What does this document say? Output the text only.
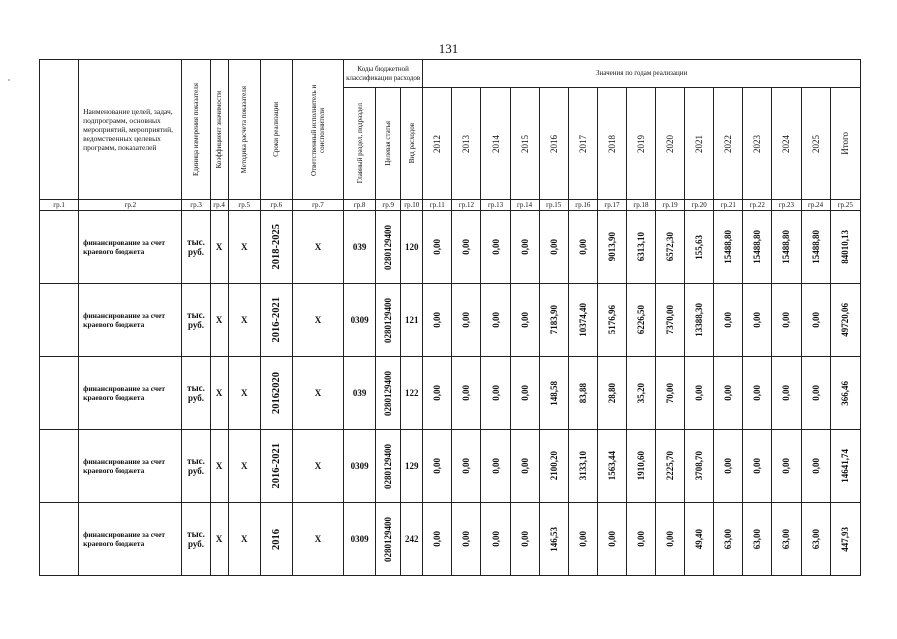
131
	Наименование целей, задач, подпрограмм, основных мероприятий, мероприятий, ведомственных целевых программ, показателей	Единица измерения показателя	Коэффициент значимости	Методика расчета показателя	Сроки реализации	Ответственный исполнитель и соисполнители	Коды бюджетной классификации расходов			Значения по годам реализации														

							Главный раздел, подраздел	Целевая статья	Вид расходов	2012	2013	2014	2015	2016	2017	2018	2019	2020	2021	2022	2023	2024	2025	Итого

гр.1	гр.2	гр.3	гр.4	гр.5	гр.6	гр.7	гр.8	гр.9	гр.10	гр.11	гр.12	гр.13	гр.14	гр.15	гр.16	гр.17	гр.18	гр.19	гр.20	гр.21	гр.22	гр.23	гр.24	гр.25
	финансирование за счет краевого бюджета	тыс. руб.	Х	Х	2018-2025	Х	039	0280129400	120	0,00	0,00	0,00	0,00	0,00	0,00	9013,90	6313,10	6572,30	155,63	15488,80	15488,80	15488,80	15488,80	84010,13

	финансирование за счет краевого бюджета	тыс. руб.	Х	Х	2016-2021	Х	0309	0280129400	121	0,00	0,00	0,00	0,00	7183,90	10374,40	5176,96	6226,50	7370,00	13388,30	0,00	0,00	0,00	0,00	49720,06

	финансирование за счет краевого бюджета	тыс. руб.	Х	Х	20162020	Х	039	0280129400	122	0,00	0,00	0,00	0,00	148,58	83,88	28,80	35,20	70,00	0,00	0,00	0,00	0,00	0,00	366,46

	финансирование за счет краевого бюджета	тыс. руб.	Х	Х	2016-2021	Х	0309	0280129400	129	0,00	0,00	0,00	0,00	2100,20	3133,10	1563,44	1910,60	2225,70	3708,70	0,00	0,00	0,00	0,00	14641,74

	финансирование за счет краевого бюджета	тыс. руб.	Х	Х	2016	Х	0309	0280129400	242	0,00	0,00	0,00	0,00	146,53	0,00	0,00	0,00	0,00	49,40	63,00	63,00	63,00	63,00	447,93
